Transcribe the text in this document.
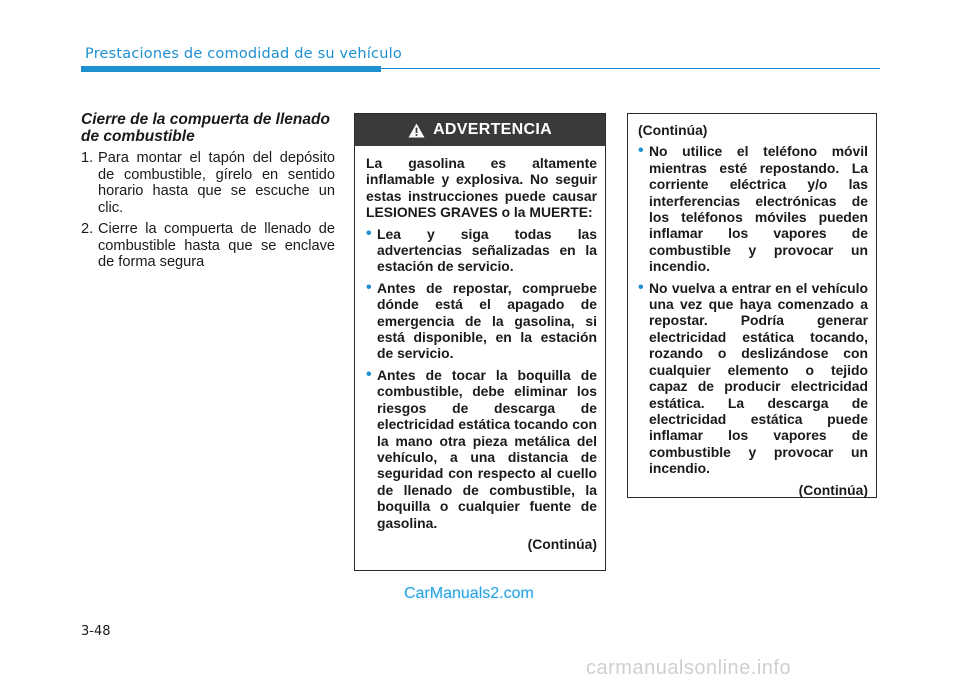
Prestaciones de comodidad de su vehículo
Cierre de la compuerta de llenado de combustible
1. Para montar el tapón del depósito de combustible, gírelo en sentido horario hasta que se escuche un clic.
2. Cierre la compuerta de llenado de combustible hasta que se enclave de forma segura
ADVERTENCIA
La gasolina es altamente inflamable y explosiva. No seguir estas instrucciones puede causar LESIONES GRAVES o la MUERTE:
• Lea y siga todas las advertencias señalizadas en la estación de servicio.
• Antes de repostar, compruebe dónde está el apagado de emergencia de la gasolina, si está disponible, en la estación de servicio.
• Antes de tocar la boquilla de combustible, debe eliminar los riesgos de descarga de electricidad estática tocando con la mano otra pieza metálica del vehículo, a una distancia de seguridad con respecto al cuello de llenado de combustible, la boquilla o cualquier fuente de gasolina.
(Continúa)
(Continúa)
• No utilice el teléfono móvil mientras esté repostando. La corriente eléctrica y/o las interferencias electrónicas de los teléfonos móviles pueden inflamar los vapores de combustible y provocar un incendio.
• No vuelva a entrar en el vehículo una vez que haya comenzado a repostar. Podría generar electricidad estática tocando, rozando o deslizándose con cualquier elemento o tejido capaz de producir electricidad estática. La descarga de electricidad estática puede inflamar los vapores de combustible y provocar un incendio.
(Continúa)
CarManuals2.com
3-48
carmanualsonline.info
